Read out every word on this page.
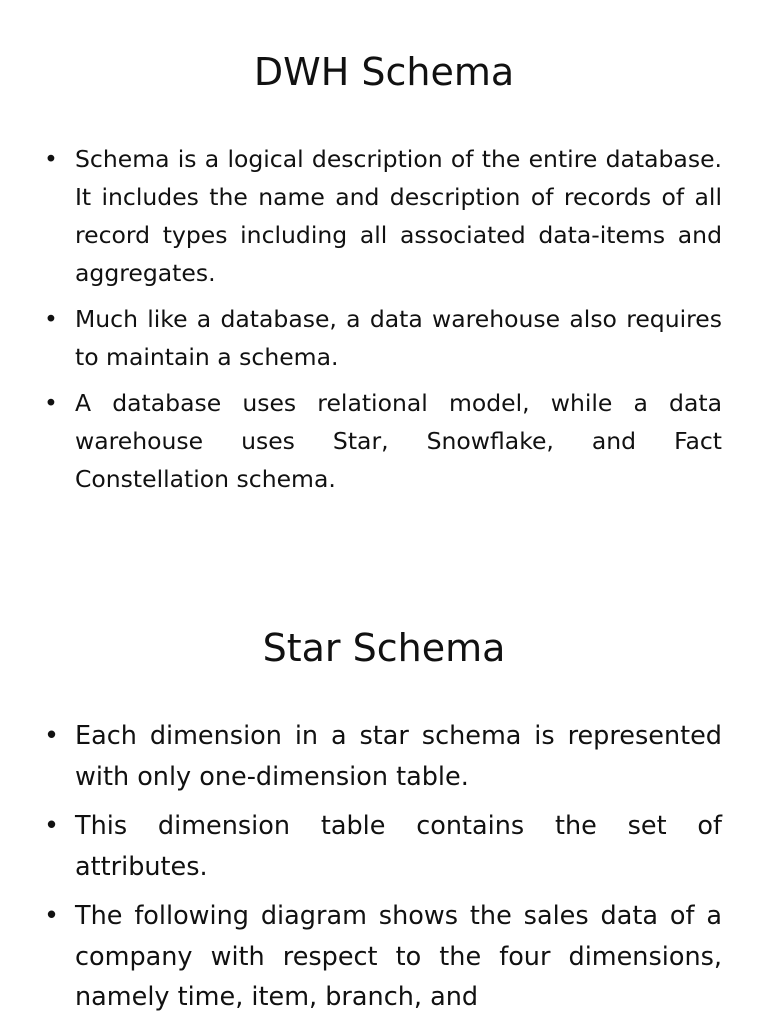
DWH Schema
• Schema is a logical description of the entire database. It includes the name and description of records of all record types including all associated data-items and aggregates.
• Much like a database, a data warehouse also requires to maintain a schema.
• A database uses relational model, while a data warehouse uses Star, Snowflake, and Fact Constellation schema.
Star Schema
• Each dimension in a star schema is represented with only one-dimension table.
• This dimension table contains the set of attributes.
• The following diagram shows the sales data of a company with respect to the four dimensions, namely time, item, branch, and
